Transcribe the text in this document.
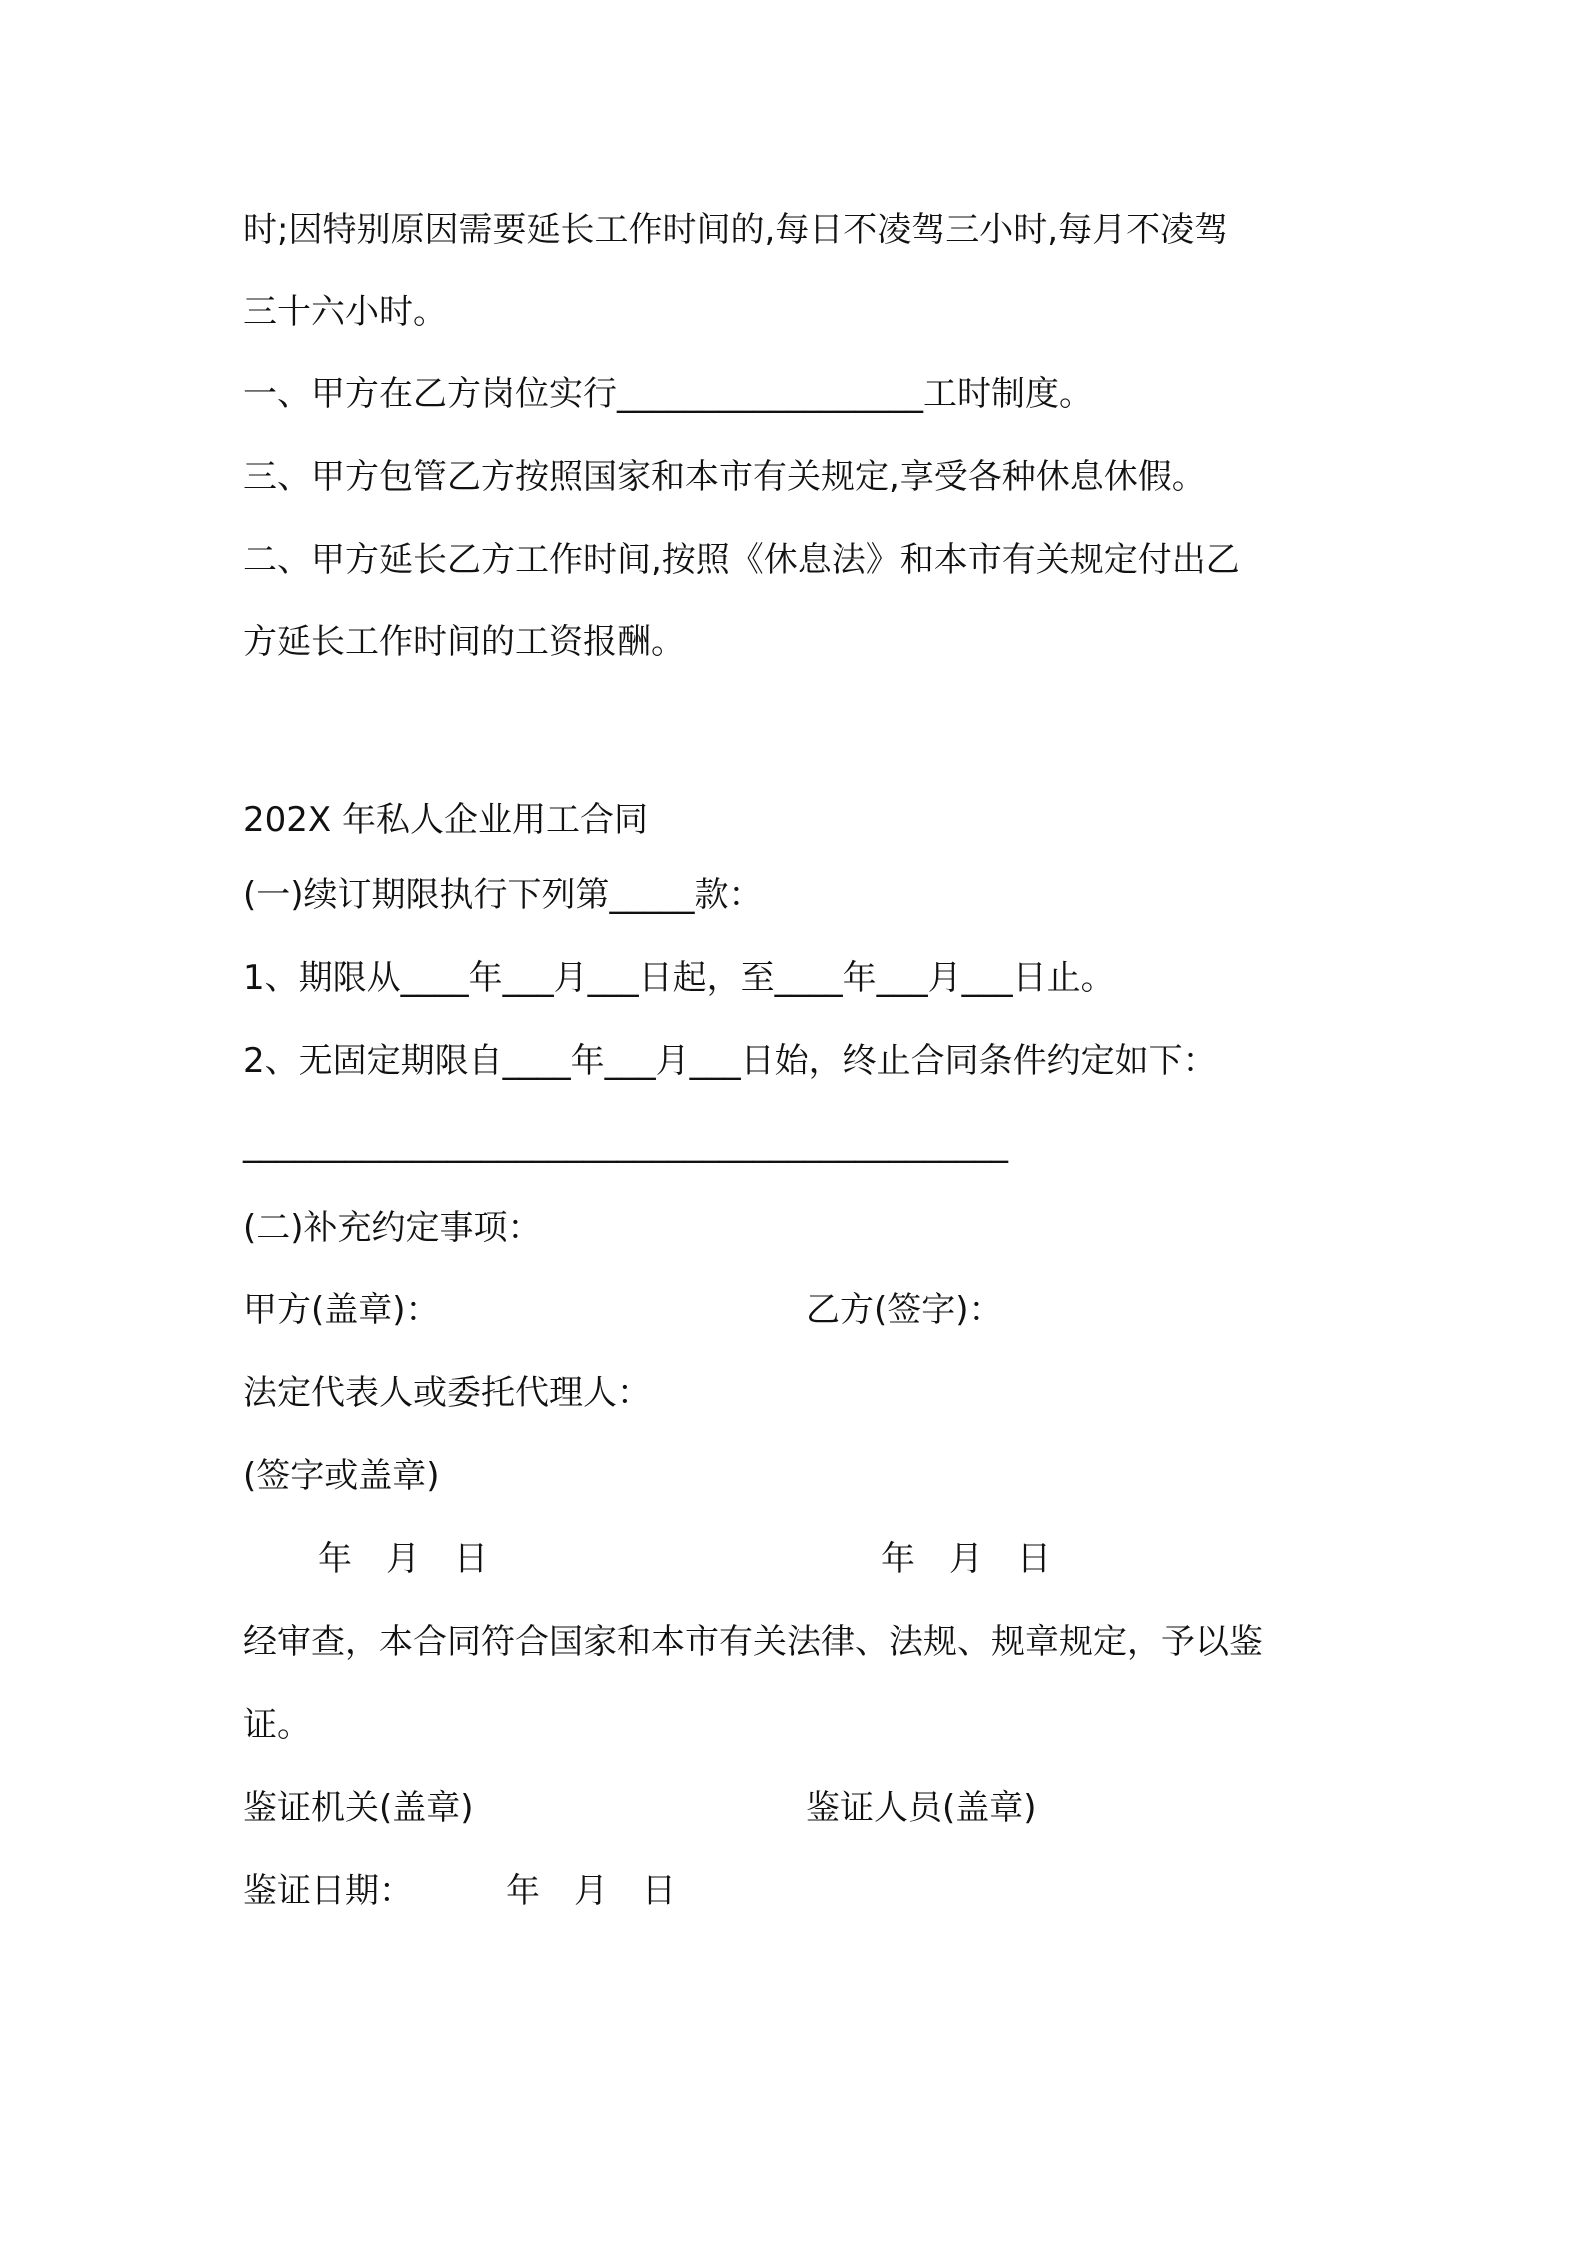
时;因特别原因需要延长工作时间的,每日不凌驾三小时,每月不凌驾

三十六小时。

一、甲方在乙方岗位实行__________________工时制度。

三、甲方包管乙方按照国家和本市有关规定,享受各种休息休假。

二、甲方延长乙方工作时间,按照《休息法》和本市有关规定付出乙

方延长工作时间的工资报酬。

202X 年私人企业用工合同

(一)续订期限执行下列第_____款：

1、期限从____年___月___日起，至____年___月___日止。

2、无固定期限自____年___月___日始，终止合同条件约定如下：

_____________________________________________

(二)补充约定事项：

甲方(盖章)：	乙方(签字)：

法定代表人或委托代理人：

(签字或盖章)

年　月　日	年　月　日

经审查，本合同符合国家和本市有关法律、法规、规章规定，予以鉴

证。

鉴证机关(盖章)	鉴证人员(盖章)

鉴证日期：	年　月　日
